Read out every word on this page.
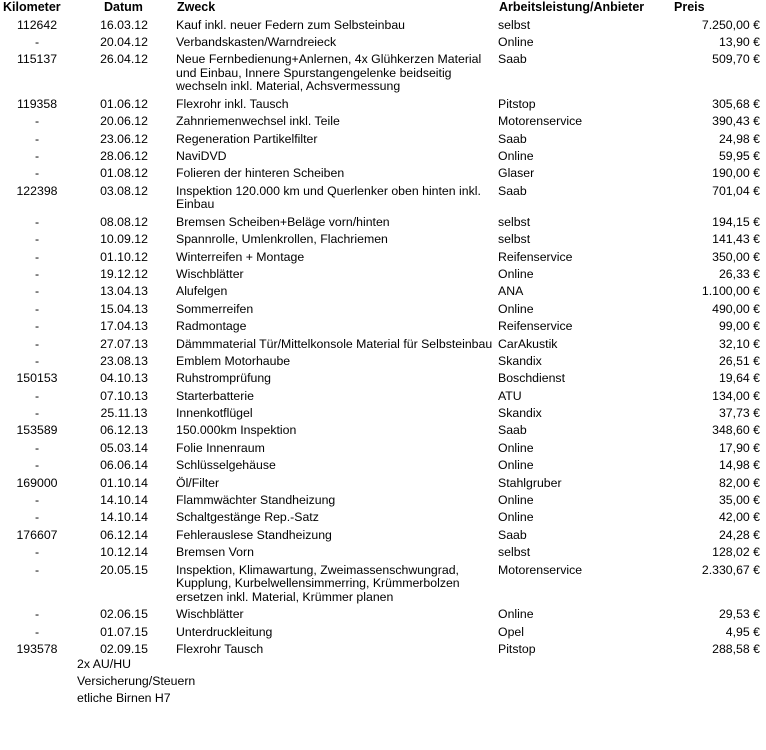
Kilometer	Datum	Zweck	Arbeitsleistung/Anbieter	Preis
112642	16.03.12	Kauf inkl. neuer Federn zum Selbsteinbau	selbst	7.250,00 €
-	20.04.12	Verbandskasten/Warndreieck	Online	13,90 €
115137	26.04.12	Neue Fernbedienung+Anlernen, 4x Glühkerzen Material und Einbau, Innere Spurstangengelenke beidseitig wechseln inkl. Material, Achsvermessung	Saab	509,70 €
119358	01.06.12	Flexrohr inkl. Tausch	Pitstop	305,68 €
-	20.06.12	Zahnriemenwechsel inkl. Teile	Motorenservice	390,43 €
-	23.06.12	Regeneration Partikelfilter	Saab	24,98 €
-	28.06.12	NaviDVD	Online	59,95 €
-	01.08.12	Folieren der hinteren Scheiben	Glaser	190,00 €
122398	03.08.12	Inspektion 120.000 km und Querlenker oben hinten inkl. Einbau	Saab	701,04 €
-	08.08.12	Bremsen Scheiben+Beläge vorn/hinten	selbst	194,15 €
-	10.09.12	Spannrolle, Umlenkrollen, Flachriemen	selbst	141,43 €
-	01.10.12	Winterreifen + Montage	Reifenservice	350,00 €
-	19.12.12	Wischblätter	Online	26,33 €
-	13.04.13	Alufelgen	ANA	1.100,00 €
-	15.04.13	Sommerreifen	Online	490,00 €
-	17.04.13	Radmontage	Reifenservice	99,00 €
-	27.07.13	Dämmmaterial Tür/Mittelkonsole Material für Selbsteinbau	CarAkustik	32,10 €
-	23.08.13	Emblem Motorhaube	Skandix	26,51 €
150153	04.10.13	Ruhstromprüfung	Boschdienst	19,64 €
-	07.10.13	Starterbatterie	ATU	134,00 €
-	25.11.13	Innenkotflügel	Skandix	37,73 €
153589	06.12.13	150.000km Inspektion	Saab	348,60 €
-	05.03.14	Folie Innenraum	Online	17,90 €
-	06.06.14	Schlüsselgehäuse	Online	14,98 €
169000	01.10.14	Öl/Filter	Stahlgruber	82,00 €
-	14.10.14	Flammwächter Standheizung	Online	35,00 €
-	14.10.14	Schaltgestänge Rep.-Satz	Online	42,00 €
176607	06.12.14	Fehlerauslese Standheizung	Saab	24,28 €
-	10.12.14	Bremsen Vorn	selbst	128,02 €
-	20.05.15	Inspektion, Klimawartung, Zweimassenschwungrad, Kupplung, Kurbelwellensimmerring, Krümmerbolzen ersetzen inkl. Material, Krümmer planen	Motorenservice	2.330,67 €
-	02.06.15	Wischblätter	Online	29,53 €
-	01.07.15	Unterdruckleitung	Opel	4,95 €
193578	02.09.15	Flexrohr Tausch	Pitstop	288,58 €
2x AU/HU
Versicherung/Steuern
etliche Birnen H7
